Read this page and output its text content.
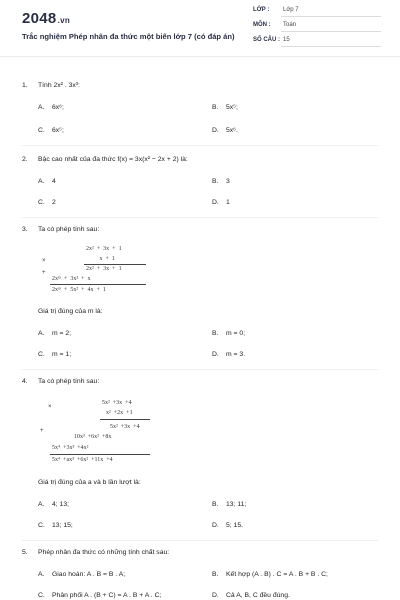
2048.vn
Trắc nghiệm Phép nhân đa thức một biến lớp 7 (có đáp án)
LỚP : Lớp 7
MÔN : Toán
SỐ CÂU : 15
1. Tính 2x² . 3x³:
A. 6x⁶;	B. 5x⁵;
C. 6x⁵;	D. 5x⁶.
2. Bậc cao nhất của đa thức f(x) = 3x(x² − 2x + 2) là:
A. 4	B. 3
C. 2	D. 1
3. Ta có phép tính sau:
×
+
2x²  +  3x  +  1
x  +  1
2x²  +  3x  +  1
2xᵐ  +  3x²  +  x
2xᵐ  +  5x²  +  4x  +  1
Giá trị đúng của m là:
A. m = 2;	B. m = 0;
C. m = 1;	D. m = 3.
4. Ta có phép tính sau:
×
+
5x²  +3x  +4
x²  +2x  +1
5x²  +3x  +4
10x³  +6x²  +8x
5x⁴  +3x³  +4x²
5x⁴  +ax³  +6x²  +11x  +4
Giá trị đúng của a và b lần lượt là:
A. 4; 13;	B. 13; 11;
C. 13; 15;	D. 5; 15.
5. Phép nhân đa thức có những tính chất sau:
A. Giao hoán: A . B = B . A;	B. Kết hợp (A . B) . C = A . B + B . C;
C. Phân phối A . (B + C) = A . B + A . C;	D. Cả A, B, C đều đúng.
